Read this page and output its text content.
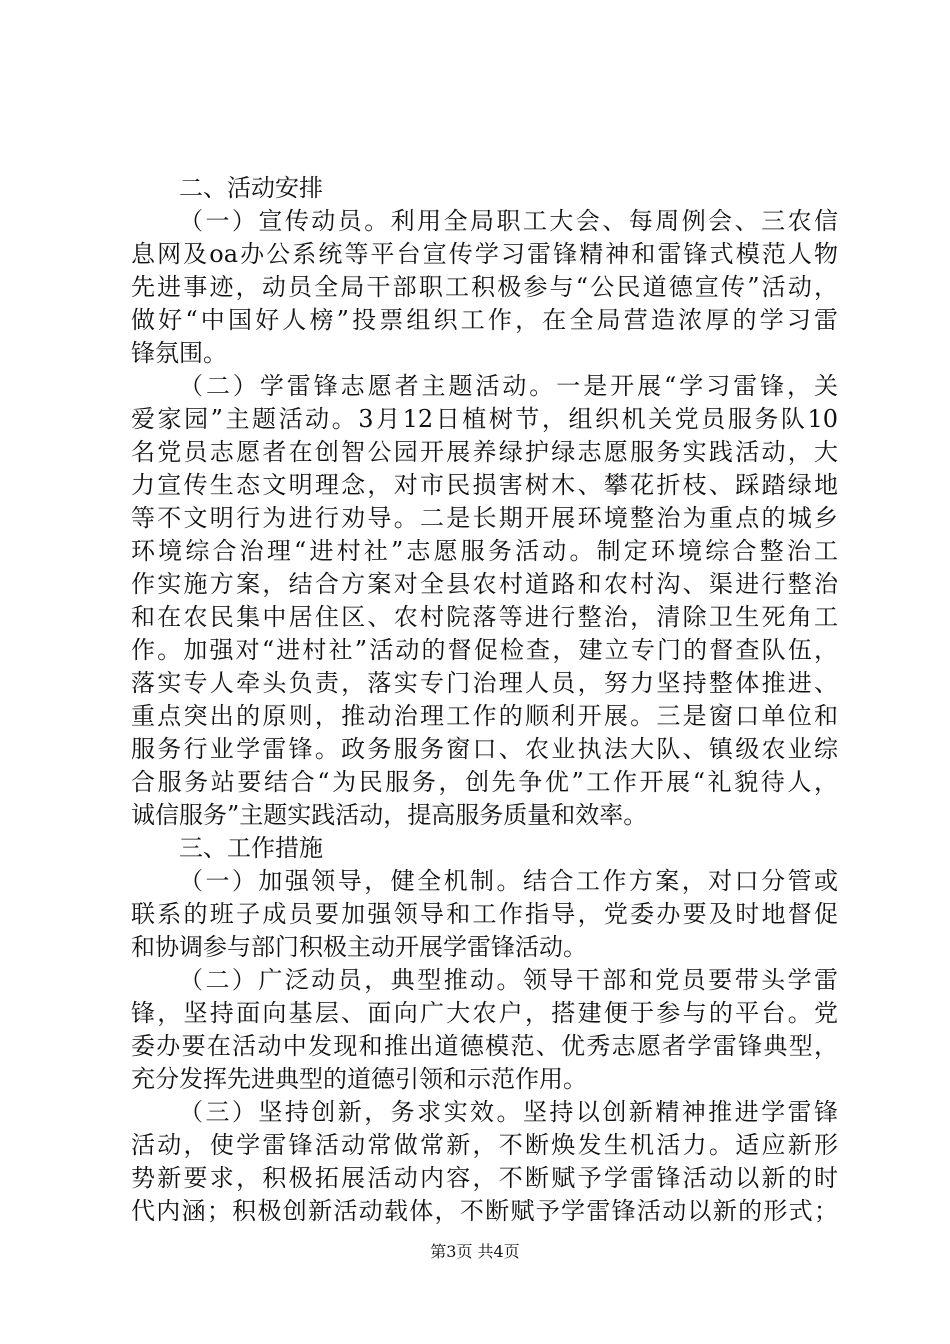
二、活动安排
（一）宣传动员。利用全局职工大会、每周例会、三农信
息网及oa办公系统等平台宣传学习雷锋精神和雷锋式模范人物
先进事迹，动员全局干部职工积极参与“公民道德宣传”活动，
做好“中国好人榜”投票组织工作，在全局营造浓厚的学习雷
锋氛围。
（二）学雷锋志愿者主题活动。一是开展“学习雷锋，关
爱家园”主题活动。3月12日植树节，组织机关党员服务队10
名党员志愿者在创智公园开展养绿护绿志愿服务实践活动，大
力宣传生态文明理念，对市民损害树木、攀花折枝、踩踏绿地
等不文明行为进行劝导。二是长期开展环境整治为重点的城乡
环境综合治理“进村社”志愿服务活动。制定环境综合整治工
作实施方案，结合方案对全县农村道路和农村沟、渠进行整治
和在农民集中居住区、农村院落等进行整治，清除卫生死角工
作。加强对“进村社”活动的督促检查，建立专门的督查队伍，
落实专人牵头负责，落实专门治理人员，努力坚持整体推进、
重点突出的原则，推动治理工作的顺利开展。三是窗口单位和
服务行业学雷锋。政务服务窗口、农业执法大队、镇级农业综
合服务站要结合“为民服务，创先争优”工作开展“礼貌待人，
诚信服务”主题实践活动，提高服务质量和效率。
三、工作措施
（一）加强领导，健全机制。结合工作方案，对口分管或
联系的班子成员要加强领导和工作指导，党委办要及时地督促
和协调参与部门积极主动开展学雷锋活动。
（二）广泛动员，典型推动。领导干部和党员要带头学雷
锋，坚持面向基层、面向广大农户，搭建便于参与的平台。党
委办要在活动中发现和推出道德模范、优秀志愿者学雷锋典型，
充分发挥先进典型的道德引领和示范作用。
（三）坚持创新，务求实效。坚持以创新精神推进学雷锋
活动，使学雷锋活动常做常新，不断焕发生机活力。适应新形
势新要求，积极拓展活动内容，不断赋予学雷锋活动以新的时
代内涵；积极创新活动载体，不断赋予学雷锋活动以新的形式；
第3页 共4页
